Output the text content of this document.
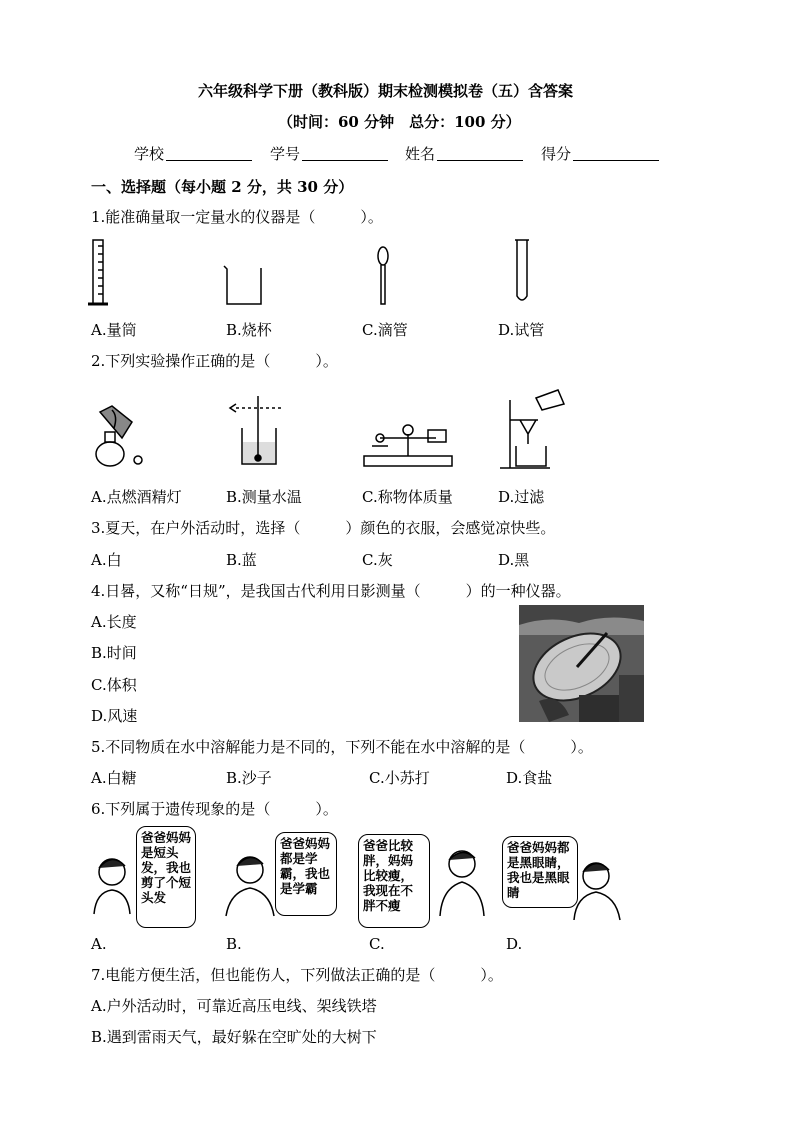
六年级科学下册（教科版）期末检测模拟卷（五）含答案
（时间：60 分钟　总分：100 分）
学校	学号	姓名	得分
一、选择题（每小题 2 分，共 30 分）
1.能准确量取一定量水的仪器是（　　　）。
A.量筒	B.烧杯	C.滴管	D.试管
2.下列实验操作正确的是（　　　）。
A.点燃酒精灯	B.测量水温	C.称物体质量	D.过滤
3.夏天，在户外活动时，选择（　　　）颜色的衣服，会感觉凉快些。
A.白	B.蓝	C.灰	D.黑
4.日晷，又称“日规”，是我国古代利用日影测量（　　　）的一种仪器。
A.长度
B.时间
C.体积
D.风速
5.不同物质在水中溶解能力是不同的，下列不能在水中溶解的是（　　　）。
A.白糖	B.沙子	C.小苏打	D.食盐
6.下列属于遗传现象的是（　　　）。
爸爸妈妈是短头发，我也剪了个短头发
爸爸妈妈都是学霸，我也是学霸
爸爸比较胖，妈妈比较瘦，我现在不胖不瘦
爸爸妈妈都是黑眼睛，我也是黑眼睛
A.	B.	C.	D.
7.电能方便生活，但也能伤人，下列做法正确的是（　　　）。
A.户外活动时，可靠近高压电线、架线铁塔
B.遇到雷雨天气，最好躲在空旷处的大树下
